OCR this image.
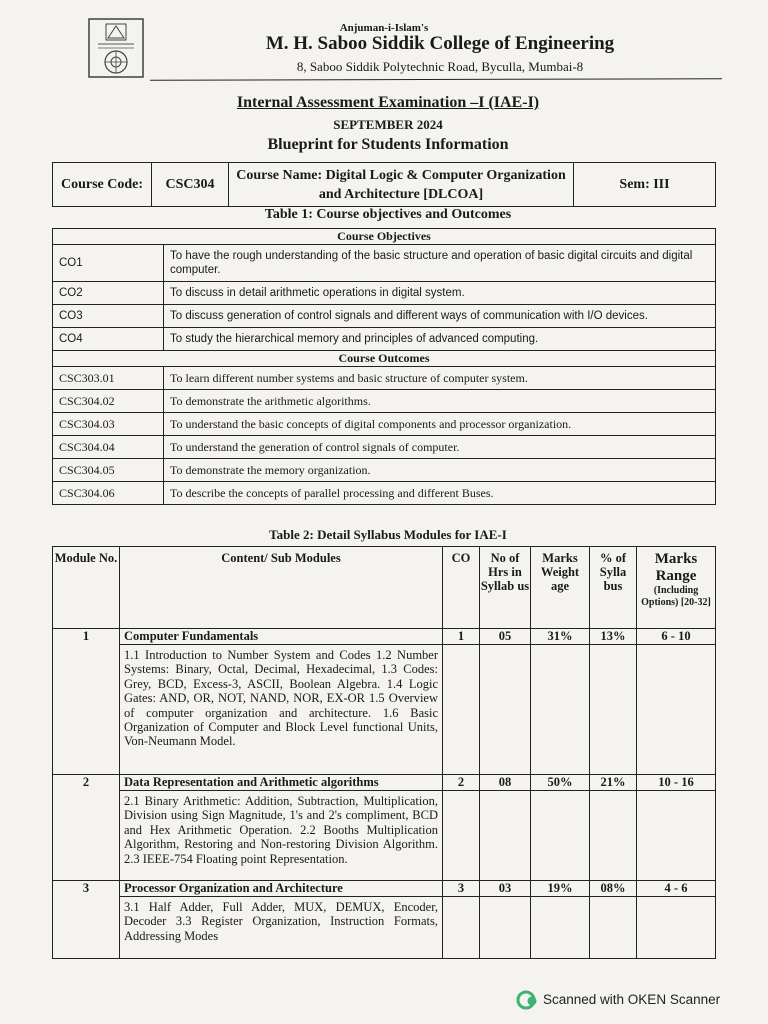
Anjuman-i-Islam's
M. H. Saboo Siddik College of Engineering
8, Saboo Siddik Polytechnic Road, Byculla, Mumbai-8
Internal Assessment Examination –I (IAE-I)
SEPTEMBER 2024
Blueprint for Students Information
Course Code:	CSC304	Course Name: Digital Logic & Computer Organization and Architecture [DLCOA]	Sem: III
Table 1: Course objectives and Outcomes
Course Objectives	
CO1	To have the rough understanding of the basic structure and operation of basic digital circuits and digital computer.
CO2	To discuss in detail arithmetic operations in digital system.
CO3	To discuss generation of control signals and different ways of communication with I/O devices.
CO4	To study the hierarchical memory and principles of advanced computing.
Course Outcomes	
CSC303.01	To learn different number systems and basic structure of computer system.
CSC304.02	To demonstrate the arithmetic algorithms.
CSC304.03	To understand the basic concepts of digital components and processor organization.
CSC304.04	To understand the generation of control signals of computer.
CSC304.05	To demonstrate the memory organization.
CSC304.06	To describe the concepts of parallel processing and different Buses.
Table 2: Detail Syllabus Modules for IAE-I
Module No.	Content/ Sub Modules	CO	No of Hrs in Syllab us	Marks Weight age	% of Sylla bus	Marks Range
(Including Options) [20-32]

1	Computer Fundamentals	1	05	31%	13%	6 - 10
	1.1 Introduction to Number System and Codes 1.2 Number Systems: Binary, Octal, Decimal, Hexadecimal, 1.3 Codes: Grey, BCD, Excess-3, ASCII, Boolean Algebra. 1.4 Logic Gates: AND, OR, NOT, NAND, NOR, EX-OR 1.5 Overview of computer organization and architecture. 1.6 Basic Organization of Computer and Block Level functional Units, Von-Neumann Model.					
2	Data Representation and Arithmetic algorithms	2	08	50%	21%	10 - 16
	2.1 Binary Arithmetic: Addition, Subtraction, Multiplication, Division using Sign Magnitude, 1's and 2's compliment, BCD and Hex Arithmetic Operation. 2.2 Booths Multiplication Algorithm, Restoring and Non-restoring Division Algorithm. 2.3 IEEE-754 Floating point Representation.					
3	Processor Organization and Architecture	3	03	19%	08%	4 - 6
	3.1 Half Adder, Full Adder, MUX, DEMUX, Encoder, Decoder 3.3 Register Organization, Instruction Formats, Addressing Modes					
Scanned with OKEN Scanner
